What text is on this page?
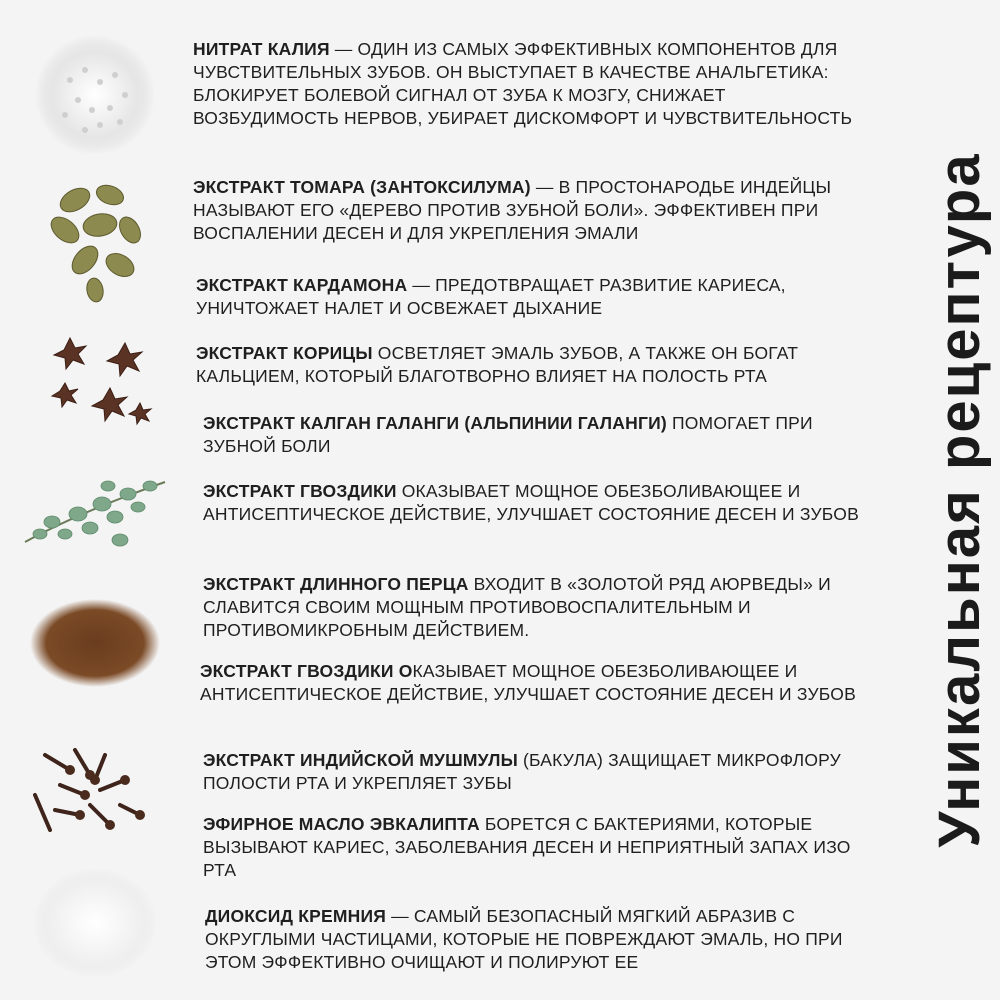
Уникальная рецептура
НИТРАТ КАЛИЯ — ОДИН ИЗ САМЫХ ЭФФЕКТИВНЫХ КОМПОНЕНТОВ ДЛЯ ЧУВСТВИТЕЛЬНЫХ ЗУБОВ. ОН ВЫСТУПАЕТ В КАЧЕСТВЕ АНАЛЬГЕТИКА: БЛОКИРУЕТ БОЛЕВОЙ СИГНАЛ ОТ ЗУБА К МОЗГУ, СНИЖАЕТ ВОЗБУДИМОСТЬ НЕРВОВ, УБИРАЕТ ДИСКОМФОРТ И ЧУВСТВИТЕЛЬНОСТЬ
ЭКСТРАКТ ТОМАРА (ЗАНТОКСИЛУМА) — В ПРОСТОНАРОДЬЕ ИНДЕЙЦЫ НАЗЫВАЮТ ЕГО «ДЕРЕВО ПРОТИВ ЗУБНОЙ БОЛИ». ЭФФЕКТИВЕН ПРИ ВОСПАЛЕНИИ ДЕСЕН И ДЛЯ УКРЕПЛЕНИЯ ЭМАЛИ
ЭКСТРАКТ КАРДАМОНА — ПРЕДОТВРАЩАЕТ РАЗВИТИЕ КАРИЕСА, УНИЧТОЖАЕТ НАЛЕТ И ОСВЕЖАЕТ ДЫХАНИЕ
ЭКСТРАКТ КОРИЦЫ ОСВЕТЛЯЕТ ЭМАЛЬ ЗУБОВ, А ТАКЖЕ ОН БОГАТ КАЛЬЦИЕМ, КОТОРЫЙ БЛАГОТВОРНО ВЛИЯЕТ НА ПОЛОСТЬ РТА
ЭКСТРАКТ КАЛГАН ГАЛАНГИ (АЛЬПИНИИ ГАЛАНГИ) ПОМОГАЕТ ПРИ ЗУБНОЙ БОЛИ
ЭКСТРАКТ ГВОЗДИКИ ОКАЗЫВАЕТ МОЩНОЕ ОБЕЗБОЛИВАЮЩЕЕ И АНТИСЕПТИЧЕСКОЕ ДЕЙСТВИЕ, УЛУЧШАЕТ СОСТОЯНИЕ ДЕСЕН И ЗУБОВ
ЭКСТРАКТ ДЛИННОГО ПЕРЦА ВХОДИТ В «ЗОЛОТОЙ РЯД АЮРВЕДЫ» И СЛАВИТСЯ СВОИМ МОЩНЫМ ПРОТИВОВОСПАЛИТЕЛЬНЫМ И ПРОТИВОМИКРОБНЫМ ДЕЙСТВИЕМ.
ЭКСТРАКТ ГВОЗДИКИ ОКАЗЫВАЕТ МОЩНОЕ ОБЕЗБОЛИВАЮЩЕЕ И АНТИСЕПТИЧЕСКОЕ ДЕЙСТВИЕ, УЛУЧШАЕТ СОСТОЯНИЕ ДЕСЕН И ЗУБОВ
ЭКСТРАКТ ИНДИЙСКОЙ МУШМУЛЫ (БАКУЛА) ЗАЩИЩАЕТ МИКРОФЛОРУ ПОЛОСТИ РТА И УКРЕПЛЯЕТ ЗУБЫ
ЭФИРНОЕ МАСЛО ЭВКАЛИПТА БОРЕТСЯ С БАКТЕРИЯМИ, КОТОРЫЕ ВЫЗЫВАЮТ КАРИЕС, ЗАБОЛЕВАНИЯ ДЕСЕН И НЕПРИЯТНЫЙ ЗАПАХ ИЗО РТА
ДИОКСИД КРЕМНИЯ — САМЫЙ БЕЗОПАСНЫЙ МЯГКИЙ АБРАЗИВ С ОКРУГЛЫМИ ЧАСТИЦАМИ, КОТОРЫЕ НЕ ПОВРЕЖДАЮТ ЭМАЛЬ, НО ПРИ ЭТОМ ЭФФЕКТИВНО ОЧИЩАЮТ И ПОЛИРУЮТ ЕЕ
